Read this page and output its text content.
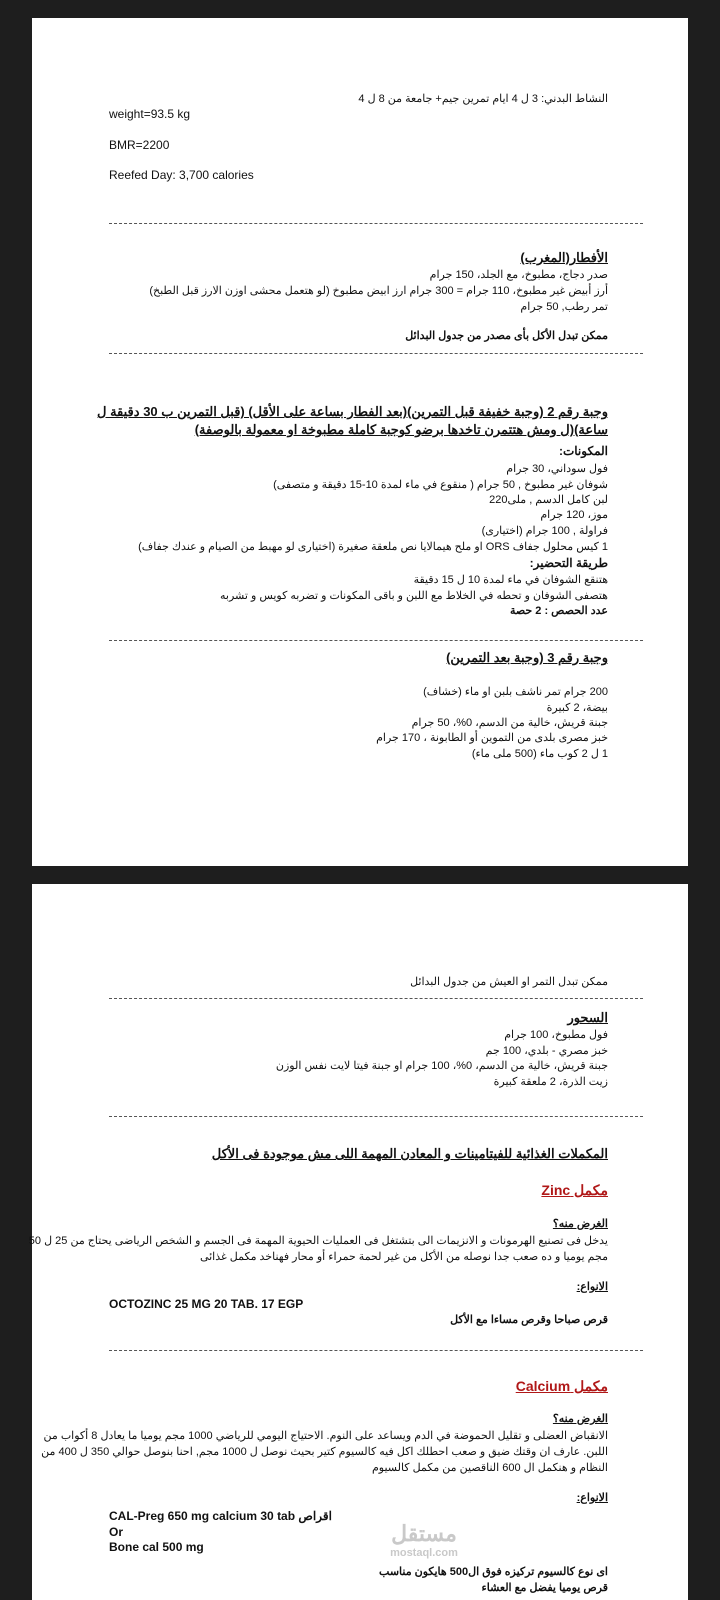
النشاط البدني: 3 ل 4 ايام تمرين جيم+ جامعة من 8 ل 4
weight=93.5 kg
BMR=2200
Reefed Day: 3,700 calories
الأفطار(المغرب)
صدر دجاج، مطبوخ، مع الجلد، 150 جرام
أرز أبيض غير مطبوخ، 110 جرام = 300 جرام ارز ابيض مطبوخ (لو هتعمل محشى اوزن الارز قبل الطبخ)
تمر رطب, 50 جرام
ممكن تبدل الأكل بأى مصدر من جدول البدائل
وجبة رقم 2 (وجبة خفيفة قبل التمرين)(بعد الفطار بساعة على الأقل) (قبل التمرين ب 30 دقيقة ل
ساعة)(ل ومش هتتمرن تاخدها برضو كوجبة كاملة مطبوخة او معمولة بالوصفة)
المكونات:
فول سوداني، 30 جرام
شوفان غير مطبوخ , 50 جرام ( منقوع في ماء لمدة 10-15 دقيقة و متصفى)
لبن كامل الدسم , ملى220
موز، 120 جرام
فراولة , 100 جرام (اختيارى)
1 كيس محلول جفاف ORS او ملح هيمالايا نص ملعقة صغيرة (اختيارى لو مهبط من الصيام و عندك جفاف)
طريقة التحضير:
هتنقع الشوفان في ماء لمدة 10 ل 15 دقيقة
هتصفى الشوفان و تحطه في الخلاط مع اللبن و باقى المكونات و تضربه كويس و تشربه
عدد الحصص : 2 حصة
وجبة رقم 3 (وجبة بعد التمرين)
200 جرام تمر ناشف بلبن او ماء (خشاف)
بيضة، 2 كبيرة
جبنة قريش، خالية من الدسم، 0%، 50 جرام
خبز مصرى بلدى من التموين أو الطابونة ، 170 جرام
1 ل 2 كوب ماء (500 ملى ماء)
ممكن تبدل التمر او العيش من جدول البدائل
السحور
فول مطبوخ، 100 جرام
خبز مصري - بلدي، 100 جم
جبنة قريش، خالية من الدسم، 0%، 100 جرام او جبنة فيتا لايت نفس الوزن
زيت الذرة، 2 ملعقة كبيرة
المكملات الغذائية للفيتامينات و المعادن المهمة اللى مش موجودة فى الأكل
مكمل Zinc
الغرض منه؟
يدخل فى تصنيع الهرمونات و الانزيمات الى بتشتغل فى العمليات الحيوية المهمة فى الجسم و الشخص الرياضى يحتاج من 25 ل 50
مجم يوميا و ده صعب جدا نوصله من الأكل من غير لحمة حمراء أو محار فهناخد مكمل غذائى
الانواع:
OCTOZINC 25 MG 20 TAB. 17 EGP
قرص صباحا وقرص مساءا مع الأكل
مكمل Calcium
الغرض منه؟
الانقباض العضلى و تقليل الحموضة في الدم ويساعد على النوم. الاحتياج اليومي للرياضي 1000 مجم يوميا ما يعادل 8 أكواب من
اللبن. عارف ان وقتك ضيق و صعب احطلك اكل فيه كالسيوم كتير بحيث نوصل ل 1000 مجم, احنا بنوصل حوالي 350 ل 400 من
النظام و هنكمل ال 600 الناقصين من مكمل كالسيوم
الانواع:
CAL-Preg 650 mg calcium 30 tab اقراص
Or
Bone cal 500 mg
مستقل
mostaql.com
اى نوع كالسيوم تركيزه فوق ال500 هايكون مناسب
قرص يوميا يفضل مع العشاء
